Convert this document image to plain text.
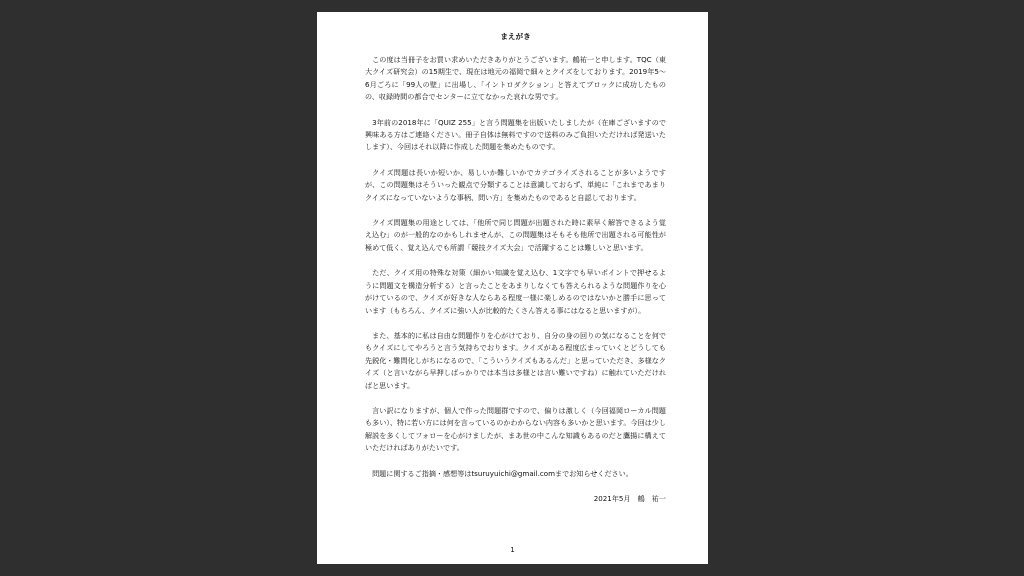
まえがき

この度は当冊子をお買い求めいただきありがとうございます。鶴祐一と申します。TQC（東大クイズ研究会）の15期生で、現在は地元の福岡で細々とクイズをしております。2019年5〜6月ごろに「99人の壁」に出場し、「イントロダクション」と答えてブロックに成功したものの、収録時間の都合でセンターに立てなかった哀れな男です。

3年前の2018年に「QUIZ 255」と言う問題集を出版いたしましたが（在庫ございますので興味ある方はご連絡ください。冊子自体は無料ですので送料のみご負担いただければ発送いたします）、今回はそれ以降に作成した問題を集めたものです。

クイズ問題は長いか短いか、易しいか難しいかでカテゴライズされることが多いようですが、この問題集はそういった観点で分類することは意識しておらず、単純に「これまであまりクイズになっていないような事柄、問い方」を集めたものであると自認しております。

クイズ問題集の用途としては、「他所で同じ問題が出題された時に素早く解答できるよう覚え込む」のが一般的なのかもしれませんが、この問題集はそもそも他所で出題される可能性が極めて低く、覚え込んでも所謂「競技クイズ大会」で活躍することは難しいと思います。

ただ、クイズ用の特殊な対策（細かい知識を覚え込む、1文字でも早いポイントで押せるように問題文を構造分析する）と言ったことをあまりしなくても答えられるような問題作りを心がけているので、クイズが好きな人ならある程度一様に楽しめるのではないかと勝手に思っています（もちろん、クイズに強い人が比較的たくさん答える事にはなると思いますが）。

また、基本的に私は自由な問題作りを心がけており、自分の身の回りの気になることを何でもクイズにしてやろうと言う気持ちでおります。クイズがある程度広まっていくとどうしても先鋭化・難問化しがちになるので、「こういうクイズもあるんだ」と思っていただき、多様なクイズ（と言いながら早押しばっかりでは本当は多様とは言い難いですね）に触れていただければと思います。

言い訳になりますが、個人で作った問題群ですので、偏りは激しく（今回福岡ローカル問題も多い）、特に若い方には何を言っているのかわからない内容も多いかと思います。今回は少し解説を多くしてフォローを心がけましたが、まあ世の中こんな知識もあるのだと鷹揚に構えていただければありがたいです。

問題に関するご指摘・感想等はtsuruyuichi@gmail.comまでお知らせください。

2021年5月　鶴　祐一
1
